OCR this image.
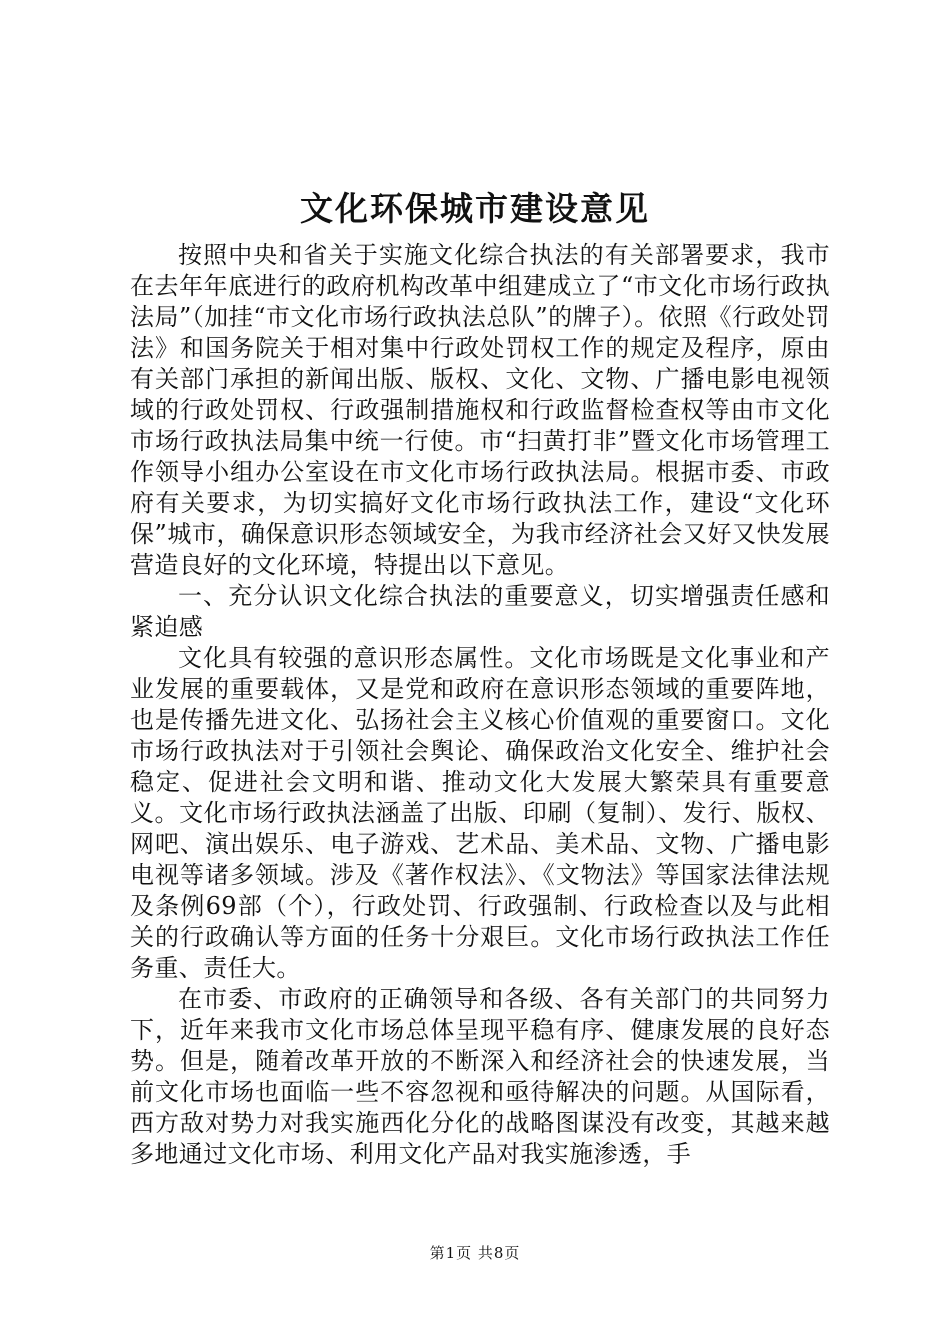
文化环保城市建设意见

按照中央和省关于实施文化综合执法的有关部署要求，我市在去年年底进行的政府机构改革中组建成立了“市文化市场行政执法局”（加挂“市文化市场行政执法总队”的牌子）。依照《行政处罚法》和国务院关于相对集中行政处罚权工作的规定及程序，原由有关部门承担的新闻出版、版权、文化、文物、广播电影电视领域的行政处罚权、行政强制措施权和行政监督检查权等由市文化市场行政执法局集中统一行使。市“扫黄打非”暨文化市场管理工作领导小组办公室设在市文化市场行政执法局。根据市委、市政府有关要求，为切实搞好文化市场行政执法工作，建设“文化环保”城市，确保意识形态领域安全，为我市经济社会又好又快发展营造良好的文化环境，特提出以下意见。

一、充分认识文化综合执法的重要意义，切实增强责任感和紧迫感

文化具有较强的意识形态属性。文化市场既是文化事业和产业发展的重要载体，又是党和政府在意识形态领域的重要阵地，也是传播先进文化、弘扬社会主义核心价值观的重要窗口。文化市场行政执法对于引领社会舆论、确保政治文化安全、维护社会稳定、促进社会文明和谐、推动文化大发展大繁荣具有重要意义。文化市场行政执法涵盖了出版、印刷（复制）、发行、版权、网吧、演出娱乐、电子游戏、艺术品、美术品、文物、广播电影电视等诸多领域。涉及《著作权法》、《文物法》等国家法律法规及条例69部（个），行政处罚、行政强制、行政检查以及与此相关的行政确认等方面的任务十分艰巨。文化市场行政执法工作任务重、责任大。

在市委、市政府的正确领导和各级、各有关部门的共同努力下，近年来我市文化市场总体呈现平稳有序、健康发展的良好态势。但是，随着改革开放的不断深入和经济社会的快速发展，当前文化市场也面临一些不容忽视和亟待解决的问题。从国际看，西方敌对势力对我实施西化分化的战略图谋没有改变，其越来越多地通过文化市场、利用文化产品对我实施渗透，手

第1页 共8页
